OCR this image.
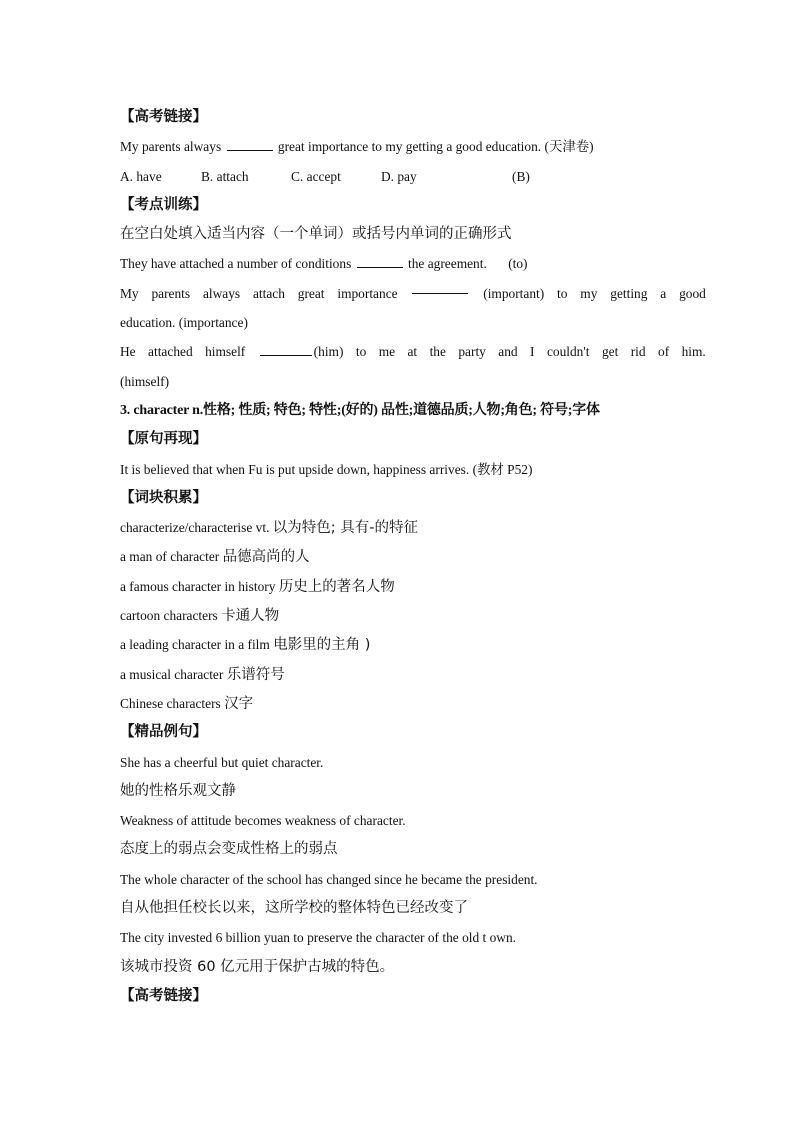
【高考链接】
My parents always	great importance to my getting a good education. (天津卷)
A. have	B. attach	C. accept	D. pay	(B)
【考点训练】
在空白处填入适当内容（一个单词）或括号内单词的正确形式
They have attached a number of conditions	the agreement. (to)
My parents always attach great importance	(important) to my getting a good
education. (importance)
He attached himself	(him) to me at the party and I couldn't get rid of him.
(himself)
3. character n.性格; 性质; 特色; 特性;(好的) 品性;道德品质;人物;角色; 符号;字体
【原句再现】
It is believed that when Fu is put upside down, happiness arrives. (教材 P52)
【词块积累】
characterize/characterise vt. 以为特色; 具有-的特征
a man of character 品德高尚的人
a famous character in history 历史上的著名人物
cartoon characters 卡通人物
a leading character in a film 电影里的主角 )
a musical character 乐谱符号
Chinese characters 汉字
【精品例句】
She has a cheerful but quiet character.
她的性格乐观文静
Weakness of attitude becomes weakness of character.
态度上的弱点会变成性格上的弱点
The whole character of the school has changed since he became the president.
自从他担任校长以来，这所学校的整体特色已经改变了
The city invested 6 billion yuan to preserve the character of the old t own.
该城市投资 60 亿元用于保护古城的特色。
【高考链接】
